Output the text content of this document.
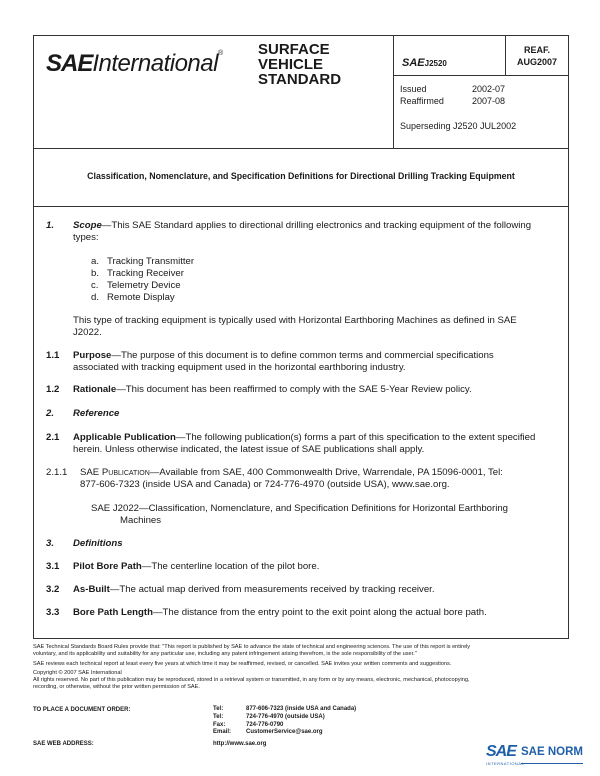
SAEInternational® SURFACE
VEHICLE
STANDARD
SAEJ2520
REAF.
AUG2007
Issued	2002-07
Reaffirmed	2007-08
Superseding J2520 JUL2002
Classification, Nomenclature, and Specification Definitions for Directional Drilling Tracking Equipment
1. Scope—This SAE Standard applies to directional drilling electronics and tracking equipment of the following
types:
a. Tracking Transmitter
b. Tracking Receiver
c. Telemetry Device
d. Remote Display
This type of tracking equipment is typically used with Horizontal Earthboring Machines as defined in SAE
J2022.
1.1 Purpose—The purpose of this document is to define common terms and commercial specifications
associated with tracking equipment used in the horizontal earthboring industry.
1.2 Rationale—This document has been reaffirmed to comply with the SAE 5-Year Review policy.
2. Reference
2.1 Applicable Publication—The following publication(s) forms a part of this specification to the extent specified
herein. Unless otherwise indicated, the latest issue of SAE publications shall apply.
2.1.1 SAE Publication—Available from SAE, 400 Commonwealth Drive, Warrendale, PA 15096-0001, Tel:
877-606-7323 (inside USA and Canada) or 724-776-4970 (outside USA), www.sae.org.
SAE J2022—Classification, Nomenclature, and Specification Definitions for Horizontal Earthboring
Machines
3. Definitions
3.1 Pilot Bore Path—The centerline location of the pilot bore.
3.2 As-Built—The actual map derived from measurements received by tracking receiver.
3.3 Bore Path Length—The distance from the entry point to the exit point along the actual bore path.
SAE Technical Standards Board Rules provide that: "This report is published by SAE to advance the state of technical and engineering sciences. The use of this report is entirely
voluntary, and its applicability and suitability for any particular use, including any patent infringement arising therefrom, is the sole responsibility of the user."
SAE reviews each technical report at least every five years at which time it may be reaffirmed, revised, or cancelled. SAE invites your written comments and suggestions.
Copyright © 2007 SAE International
All rights reserved. No part of this publication may be reproduced, stored in a retrieval system or transmitted, in any form or by any means, electronic, mechanical, photocopying,
recording, or otherwise, without the prior written permission of SAE.
TO PLACE A DOCUMENT ORDER:	Tel:	877-606-7323 (inside USA and Canada)
Tel:	724-776-4970 (outside USA)
Fax:	724-776-0790
Email: CustomerService@sae.org
SAE WEB ADDRESS:	http://www.sae.org	SAE SAE NORM
INTERNATIONAL
